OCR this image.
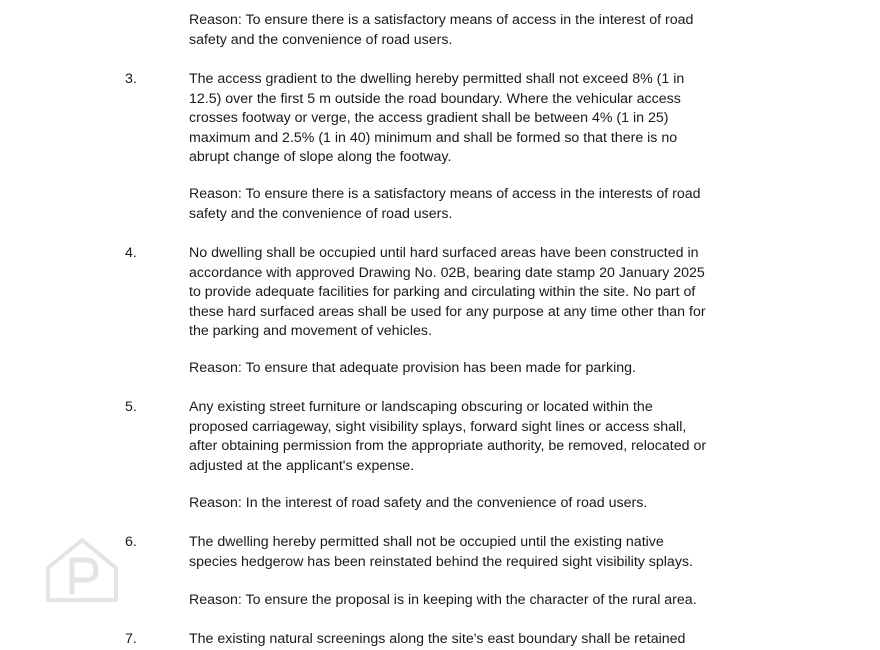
Reason: To ensure there is a satisfactory means of access in the interest of road
safety and the convenience of road users.

3.	The access gradient to the dwelling hereby permitted shall not exceed 8% (1 in
12.5) over the first 5 m outside the road boundary. Where the vehicular access
crosses footway or verge, the access gradient shall be between 4% (1 in 25)
maximum and 2.5% (1 in 40) minimum and shall be formed so that there is no
abrupt change of slope along the footway.

Reason: To ensure there is a satisfactory means of access in the interests of road
safety and the convenience of road users.

4.	No dwelling shall be occupied until hard surfaced areas have been constructed in
accordance with approved Drawing No. 02B, bearing date stamp 20 January 2025
to provide adequate facilities for parking and circulating within the site. No part of
these hard surfaced areas shall be used for any purpose at any time other than for
the parking and movement of vehicles.

Reason: To ensure that adequate provision has been made for parking.

5.	Any existing street furniture or landscaping obscuring or located within the
proposed carriageway, sight visibility splays, forward sight lines or access shall,
after obtaining permission from the appropriate authority, be removed, relocated or
adjusted at the applicant's expense.

Reason: In the interest of road safety and the convenience of road users.

6.	The dwelling hereby permitted shall not be occupied until the existing native
species hedgerow has been reinstated behind the required sight visibility splays.

Reason: To ensure the proposal is in keeping with the character of the rural area.

7.	The existing natural screenings along the site's east boundary shall be retained
